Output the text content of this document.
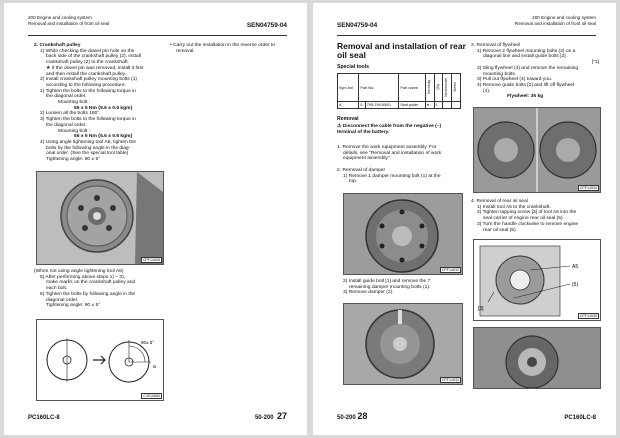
200 Engine and cooling system
Removal and installation of front oil seal	SEN04759-04

2. Crankshaft pulley

1) While checking the dowel pin hole on the

back side of the crankshaft pulley (2), install

crankshaft pulley (2) to the crankshaft.

★ If the dowel pin was removed, install it first

and then install the crankshaft pulley.

2) Install crankshaft pulley mounting bolts (1)

according to the following procedure.

1) Tighten the bolts to the following torque in

the diagonal order.

Mounting bolt :

55 ± 5 Nm {5.6 ± 0.5 kgm}

2) Loosen all the bolts 180°.

3) Tighten the bolts to the following torque in

the diagonal order.

Mounting bolt :

55 ± 5 Nm {5.6 ± 0.5 kgm}

4) Using angle tightening tool A6, tighten the

bolts by the following angle in the diag-

onal order. (See the special tool table)

Tightening angle: 90 ± 5°

• Carry out the installation in the reverse order to

removal.

CPF14528

(When not using angle tightening tool A6)

5) After performing above steps 1) – 3),

make marks on the crankshaft pulley and

each bolt.

6) Tighten the bolts by following angle in the

diagonal order.

Tightening angle: 90 ± 5°

90± 5°
a
CJE10684
PC160LC-8	50-200 27
200 Engine and cooling system
Removal and installation of front oil seal
SEN04759-04
Removal and installation of rear oil seal
Special tools
Sym-bol	Part No.		Part name	Necessity	Q'ty	New/remodel	Sketch
A	5	795-799-6500	Seal puller	●	1		
Removal
⚠ Disconnect the cable from the negative (–) terminal of the battery.

1. Remove the work equipment assembly. For

details, see "Removal and installation of work

equipment assembly".

2. Removal of damper

1) Remove 1 damper mounting bolt (1) at the

top.

CPF14532

2) Install guide bolt [1] and remove the 7

remaining damper mounting bolts (1).

3) Remove damper (2).

CPF14533

3. Removal of flywheel

1) Remove 2 flywheel mounting bolts (3) on a

diagonal line and install guide bolts [2].

[*1]

2) Sling flywheel (4) and remove the remaining

mounting bolts.

3) Pull out flywheel (4) toward you.

4) Remove guide bolts [2] and lift off flywheel

(4).

Flywheel: 35 kg

CPF14534

4. Removal of rear oil seal

1) Install tool A5 to the crankshaft.

2) Tighten tapping screw [3] of tool A5 into the

seal carrier of engine rear oil seal (5).

3) Turn the handle clockwise to remove engine

rear oil seal (5).

A5
(5)
[3]
CPF14535
50-200 28	PC160LC-8
